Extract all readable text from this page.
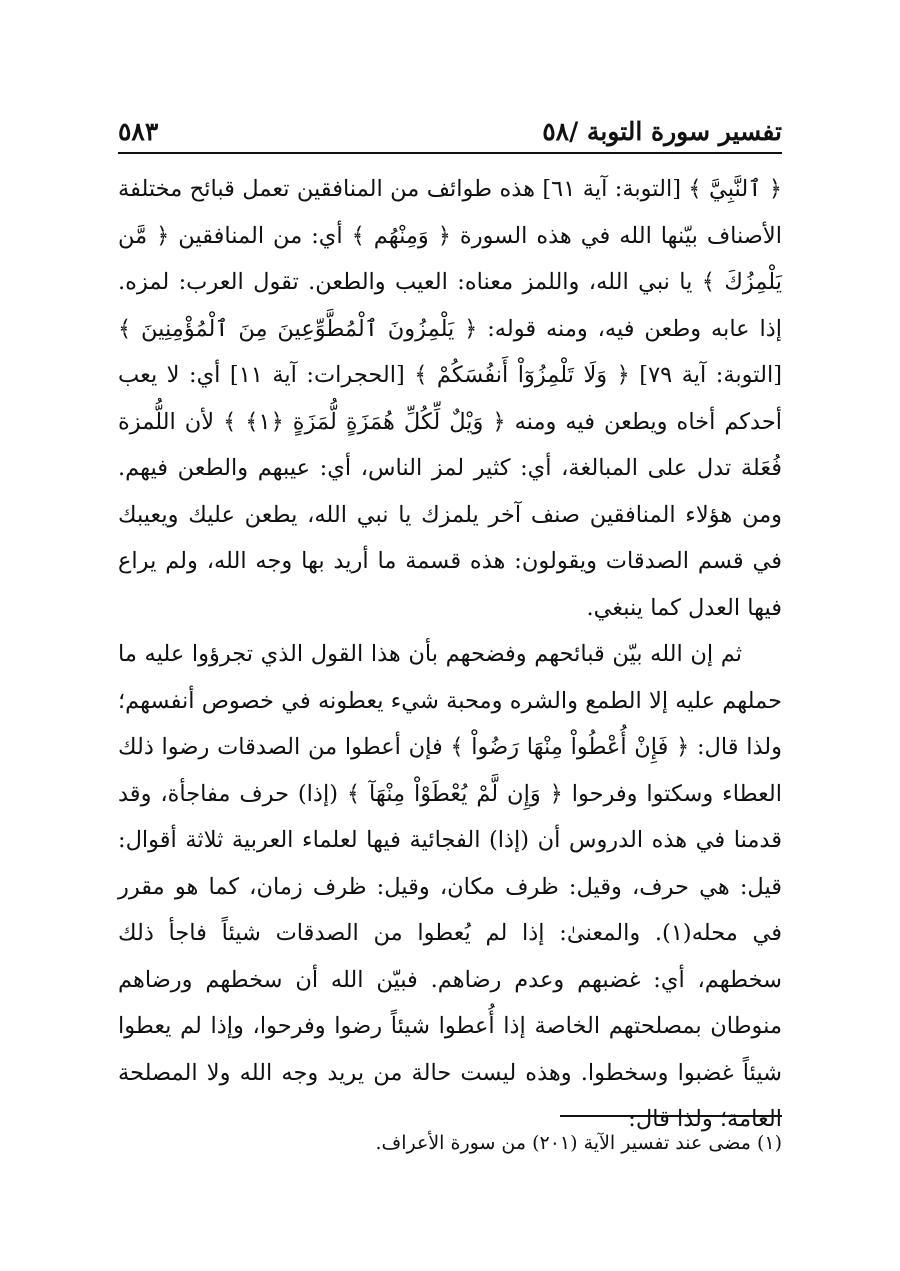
تفسير سورة التوبة /٥٨
٥٨٣

﴿ ٱلنَّبِيَّ ﴾ [التوبة: آية ٦١] هذه طوائف من المنافقين تعمل قبائح مختلفة الأصناف بيّنها الله في هذه السورة ﴿ وَمِنْهُم ﴾ أي: من المنافقين ﴿ مَّن يَلْمِزُكَ ﴾ يا نبي الله، واللمز معناه: العيب والطعن. تقول العرب: لمزه. إذا عابه وطعن فيه، ومنه قوله: ﴿ يَلْمِزُونَ ٱلْمُطَّوِّعِينَ مِنَ ٱلْمُؤْمِنِينَ ﴾ [التوبة: آية ٧٩] ﴿ وَلَا تَلْمِزُوٓاْ أَنفُسَكُمْ ﴾ [الحجرات: آية ١١] أي: لا يعب أحدكم أخاه ويطعن فيه ومنه ﴿ وَيْلٌ لِّكُلِّ هُمَزَةٍ لُّمَزَةٍ ﴿١﴾ ﴾ لأن اللُّمزة فُعَلة تدل على المبالغة، أي: كثير لمز الناس، أي: عيبهم والطعن فيهم. ومن هؤلاء المنافقين صنف آخر يلمزك يا نبي الله، يطعن عليك ويعيبك في قسم الصدقات ويقولون: هذه قسمة ما أريد بها وجه الله، ولم يراع فيها العدل كما ينبغي.

ثم إن الله بيّن قبائحهم وفضحهم بأن هذا القول الذي تجرؤوا عليه ما حملهم عليه إلا الطمع والشره ومحبة شيء يعطونه في خصوص أنفسهم؛ ولذا قال: ﴿ فَإِنْ أُعْطُواْ مِنْهَا رَضُواْ ﴾ فإن أعطوا من الصدقات رضوا ذلك العطاء وسكتوا وفرحوا ﴿ وَإِن لَّمْ يُعْطَوْاْ مِنْهَآ ﴾ (إذا) حرف مفاجأة، وقد قدمنا في هذه الدروس أن (إذا) الفجائية فيها لعلماء العربية ثلاثة أقوال: قيل: هي حرف، وقيل: ظرف مكان، وقيل: ظرف زمان، كما هو مقرر في محله(١). والمعنىٰ: إذا لم يُعطوا من الصدقات شيئاً فاجأ ذلك سخطهم، أي: غضبهم وعدم رضاهم. فبيّن الله أن سخطهم ورضاهم منوطان بمصلحتهم الخاصة إذا أُعطوا شيئاً رضوا وفرحوا، وإذا لم يعطوا شيئاً غضبوا وسخطوا. وهذه ليست حالة من يريد وجه الله ولا المصلحة العامة؛ ولذا قال:

(١) مضى عند تفسير الآية (٢٠١) من سورة الأعراف.
